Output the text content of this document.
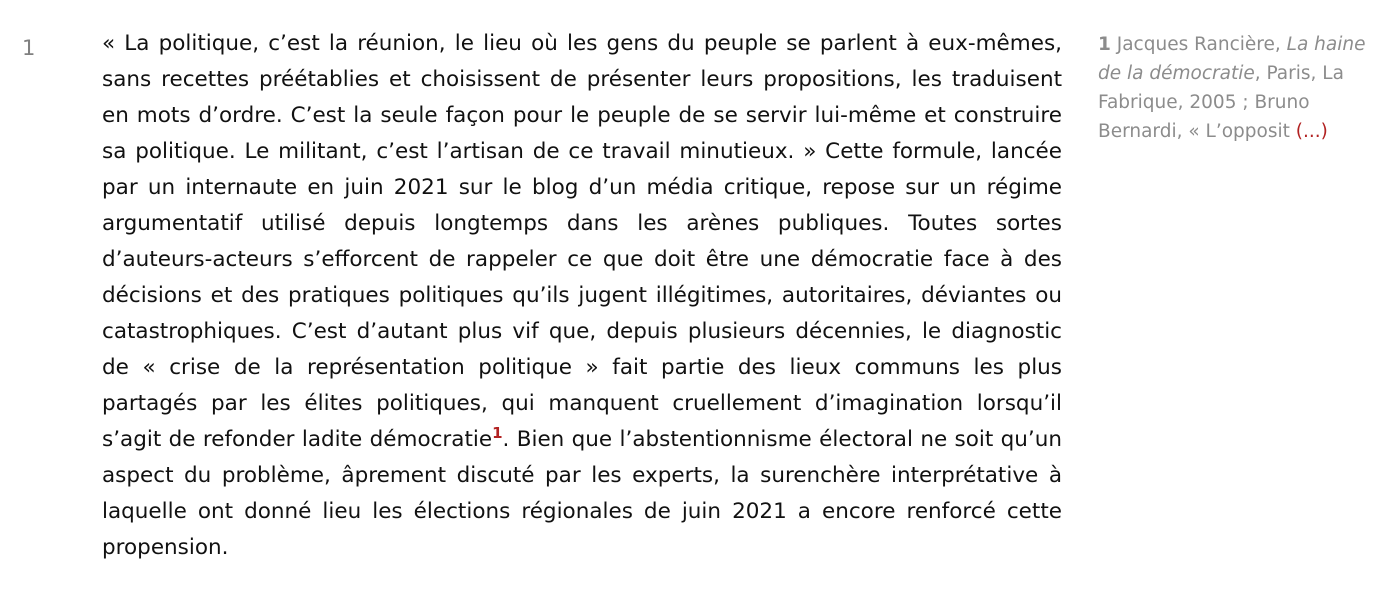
1	« La politique, c’est la réunion, le lieu où les gens du peuple se parlent à eux-mêmes, sans recettes préétablies et choisissent de présenter leurs propositions, les traduisent en mots d’ordre. C’est la seule façon pour le peuple de se servir lui-même et construire sa politique. Le militant, c’est l’artisan de ce travail minutieux. » Cette formule, lancée par un internaute en juin 2021 sur le blog d’un média critique, repose sur un régime argumentatif utilisé depuis longtemps dans les arènes publiques. Toutes sortes d’auteurs-acteurs s’efforcent de rappeler ce que doit être une démocratie face à des décisions et des pratiques politiques qu’ils jugent illégitimes, autoritaires, déviantes ou catastrophiques. C’est d’autant plus vif que, depuis plusieurs décennies, le diagnostic de « crise de la représentation politique » fait partie des lieux communs les plus partagés par les élites politiques, qui manquent cruellement d’imagination lorsqu’il s’agit de refonder ladite démocratie$^1$. Bien que l’abstentionnisme électoral ne soit qu’un aspect du problème, âprement discuté par les experts, la surenchère interprétative à laquelle ont donné lieu les élections régionales de juin 2021 a encore renforcé cette propension.

1 Jacques Rancière, La haine de la démocratie, Paris, La Fabrique, 2005 ; Bruno Bernardi, « L’opposit (...)
